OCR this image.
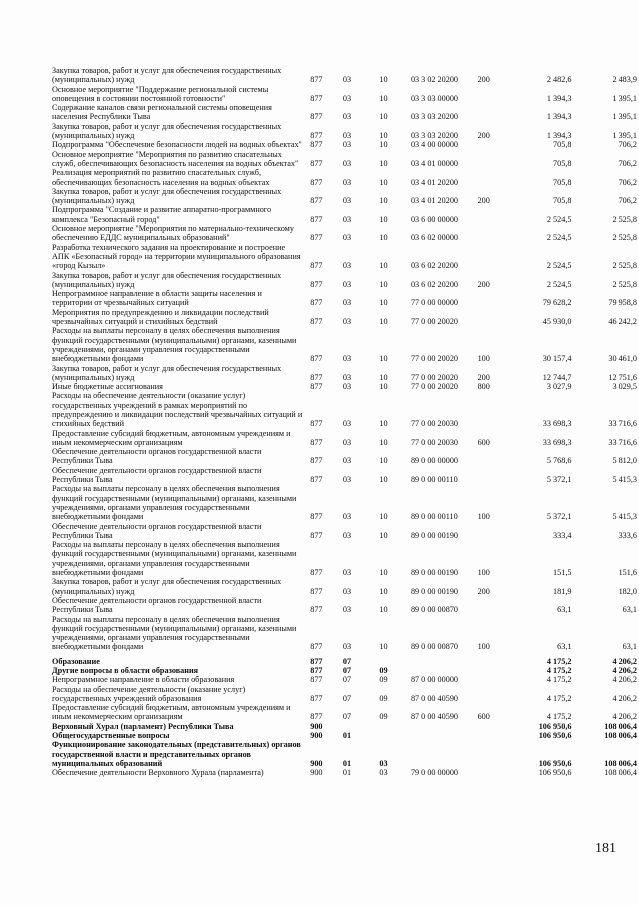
Закупка товаров, работ и услуг для обеспечения государственных (муниципальных) нужд	877	03	10	03 3 02 20200	200	2 482,6	2 483,9
Основное мероприятие "Поддержание региональной системы оповещения в состоянии постоянной готовности"	877	03	10	03 3 03 00000		1 394,3	1 395,1
Содержание каналов связи региональной системы оповещения населения Республики Тыва	877	03	10	03 3 03 20200		1 394,3	1 395,1
Закупка товаров, работ и услуг для обеспечения государственных (муниципальных) нужд	877	03	10	03 3 03 20200	200	1 394,3	1 395,1
Подпрограмма "Обеспечение безопасности людей на водных объектах"	877	03	10	03 4 00 00000		705,8	706,2
Основное мероприятие "Мероприятия по развитию спасательных служб, обеспечивающих безопасность населения на водных объектах"	877	03	10	03 4 01 00000		705,8	706,2
Реализация мероприятий по развитию спасательных служб, обеспечивающих безопасность населения на водных объектах	877	03	10	03 4 01 20200		705,8	706,2
Закупка товаров, работ и услуг для обеспечения государственных (муниципальных) нужд	877	03	10	03 4 01 20200	200	705,8	706,2
Подпрограмма "Создание и развитие аппаратно-программного комплекса "Безопасный город"	877	03	10	03 6 00 00000		2 524,5	2 525,8
Основное мероприятие "Мероприятия по материально-техническому обеспечению ЕДДС муниципальных образований"	877	03	10	03 6 02 00000		2 524,5	2 525,8
Разработка технического задания на проектирование и построение АПК «Безопасный город» на территории муниципального образования «город Кызыл»	877	03	10	03 6 02 20200		2 524,5	2 525,8
Закупка товаров, работ и услуг для обеспечения государственных (муниципальных) нужд	877	03	10	03 6 02 20200	200	2 524,5	2 525,8
Непрограммное направление в области защиты населения и территории от чрезвычайных ситуаций	877	03	10	77 0 00 00000		79 628,2	79 958,8
Мероприятия по предупреждению и ликвидации последствий чрезвычайных ситуаций и стихийных бедствий	877	03	10	77 0 00 20020		45 930,0	46 242,2
Расходы на выплаты персоналу в целях обеспечения выполнения функций государственными (муниципальными) органами, казенными учреждениями, органами управления государственными внебюджетными фондами	877	03	10	77 0 00 20020	100	30 157,4	30 461,0
Закупка товаров, работ и услуг для обеспечения государственных (муниципальных) нужд	877	03	10	77 0 00 20020	200	12 744,7	12 751,6
Иные бюджетные ассигнования	877	03	10	77 0 00 20020	800	3 027,9	3 029,5
Расходы на обеспечение деятельности (оказание услуг) государственных учреждений в рамках мероприятий по предупреждению и ликвидации последствий чрезвычайных ситуаций и стихийных бедствий	877	03	10	77 0 00 20030		33 698,3	33 716,6
Предоставление субсидий бюджетным, автономным учреждениям и иным некоммерческим организациям	877	03	10	77 0 00 20030	600	33 698,3	33 716,6
Обеспечение деятельности органов государственной власти Республики Тыва	877	03	10	89 0 00 00000		5 768,6	5 812,0
Обеспечение деятельности органов государственной власти Республики Тыва	877	03	10	89 0 00 00110		5 372,1	5 415,3
Расходы на выплаты персоналу в целях обеспечения выполнения функций государственными (муниципальными) органами, казенными учреждениями, органами управления государственными внебюджетными фондами	877	03	10	89 0 00 00110	100	5 372,1	5 415,3
Обеспечение деятельности органов государственной власти Республики Тыва	877	03	10	89 0 00 00190		333,4	333,6
Расходы на выплаты персоналу в целях обеспечения выполнения функций государственными (муниципальными) органами, казенными учреждениями, органами управления государственными внебюджетными фондами	877	03	10	89 0 00 00190	100	151,5	151,6
Закупка товаров, работ и услуг для обеспечения государственных (муниципальных) нужд	877	03	10	89 0 00 00190	200	181,9	182,0
Обеспечение деятельности органов государственной власти Республики Тыва	877	03	10	89 0 00 00870		63,1	63,1
Расходы на выплаты персоналу в целях обеспечения выполнения функций государственными (муниципальными) органами, казенными учреждениями, органами управления государственными внебюджетными фондами	877	03	10	89 0 00 00870	100	63,1	63,1
Образование	877	07				4 175,2	4 206,2
Другие вопросы в области образования	877	07	09			4 175,2	4 206,2
Непрограммное направление в области образования	877	07	09	87 0 00 00000		4 175,2	4 206,2
Расходы на обеспечение деятельности (оказание услуг) государственных учреждений образования	877	07	09	87 0 00 40590		4 175,2	4 206,2
Предоставление субсидий бюджетным, автономным учреждениям и иным некоммерческим организациям	877	07	09	87 0 00 40590	600	4 175,2	4 206,2
Верховный Хурал (парламент) Республики Тыва	900					106 950,6	108 006,4
Общегосударственные вопросы	900	01				106 950,6	108 006,4
Функционирование законодательных (представительных) органов государственной власти и представительных органов муниципальных образований	900	01	03			106 950,6	108 006,4
Обеспечение деятельности Верховного Хурала (парламента)	900	01	03	79 0 00 00000		106 950,6	108 006,4
181
